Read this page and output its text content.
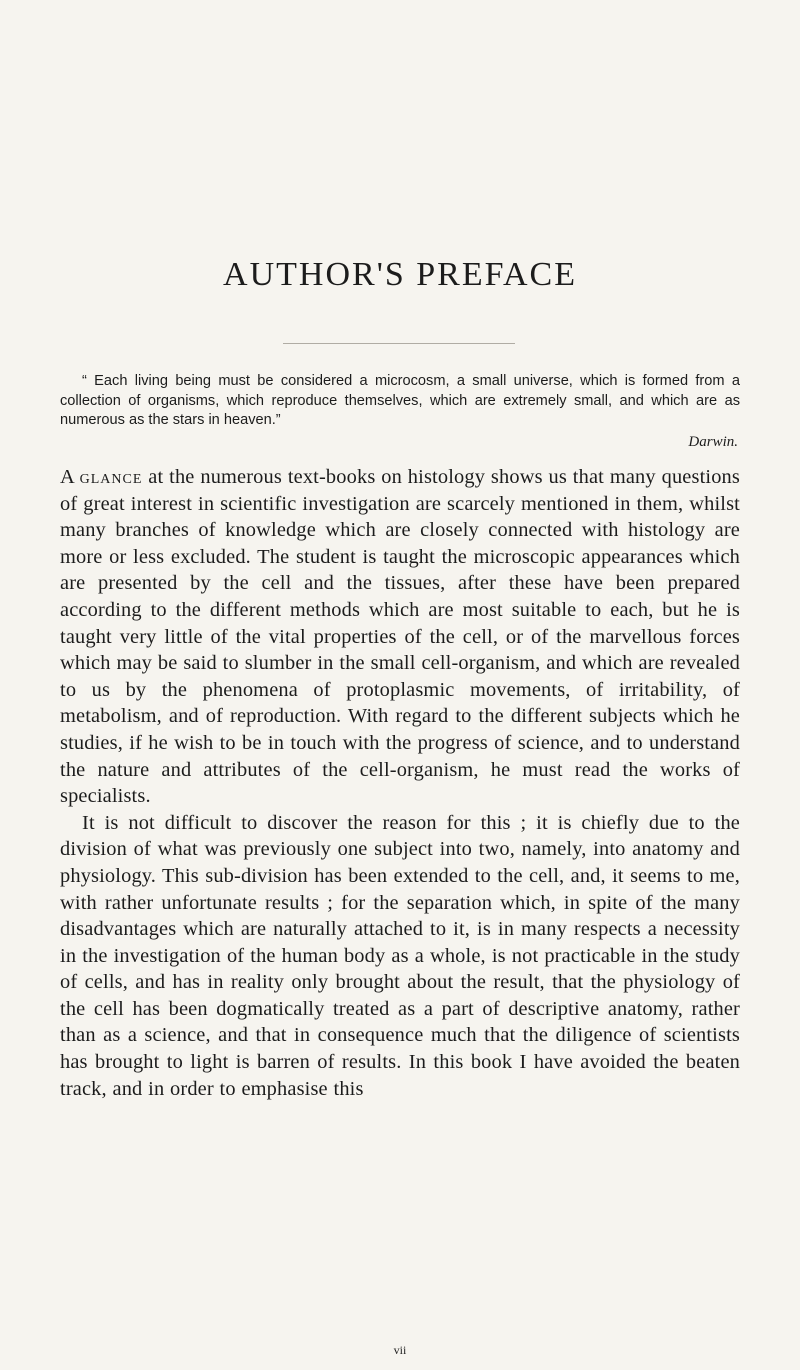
AUTHOR'S PREFACE

“ Each living being must be considered a microcosm, a small universe, which is formed from a collection of organisms, which reproduce themselves, which are extremely small, and which are as numerous as the stars in heaven.”

Darwin.

A glance at the numerous text-books on histology shows us that many questions of great interest in scientific investigation are scarcely mentioned in them, whilst many branches of knowledge which are closely connected with histology are more or less excluded. The student is taught the microscopic appearances which are presented by the cell and the tissues, after these have been prepared according to the different methods which are most suitable to each, but he is taught very little of the vital properties of the cell, or of the marvellous forces which may be said to slumber in the small cell-organism, and which are revealed to us by the phenomena of protoplasmic movements, of irritability, of metabolism, and of reproduction. With regard to the different subjects which he studies, if he wish to be in touch with the progress of science, and to understand the nature and attributes of the cell-organism, he must read the works of specialists.

It is not difficult to discover the reason for this ; it is chiefly due to the division of what was previously one subject into two, namely, into anatomy and physiology. This sub-division has been extended to the cell, and, it seems to me, with rather unfortunate results ; for the separation which, in spite of the many disadvantages which are naturally attached to it, is in many respects a necessity in the investigation of the human body as a whole, is not practicable in the study of cells, and has in reality only brought about the result, that the physiology of the cell has been dogmatically treated as a part of descriptive anatomy, rather than as a science, and that in consequence much that the diligence of scientists has brought to light is barren of results. In this book I have avoided the beaten track, and in order to emphasise this

vii
